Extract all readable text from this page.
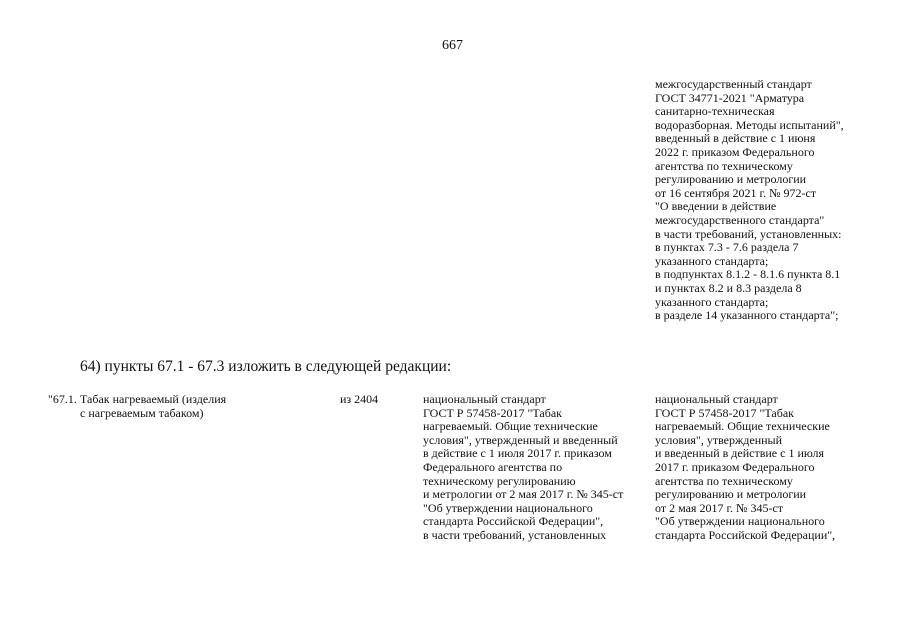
667
межгосударственный стандарт
ГОСТ 34771-2021 "Арматура
санитарно-техническая
водоразборная. Методы испытаний",
введенный в действие с 1 июня
2022 г. приказом Федерального
агентства по техническому
регулированию и метрологии
от 16 сентября 2021 г. № 972-ст
"О введении в действие
межгосударственного стандарта"
в части требований, установленных:
в пунктах 7.3 - 7.6 раздела 7
указанного стандарта;
в подпунктах 8.1.2 - 8.1.6 пункта 8.1
и пунктах 8.2 и 8.3 раздела 8
указанного стандарта;
в разделе 14 указанного стандарта";
64) пункты 67.1 - 67.3 изложить в следующей редакции:
"67.1. Табак нагреваемый (изделия
с нагреваемым табаком)
из 2404	национальный стандарт
ГОСТ Р 57458-2017 "Табак
нагреваемый. Общие технические
условия", утвержденный и введенный
в действие с 1 июля 2017 г. приказом
Федерального агентства по
техническому регулированию
и метрологии от 2 мая 2017 г. № 345-ст
"Об утверждении национального
стандарта Российской Федерации",
в части требований, установленных
национальный стандарт
ГОСТ Р 57458-2017 "Табак
нагреваемый. Общие технические
условия", утвержденный
и введенный в действие с 1 июля
2017 г. приказом Федерального
агентства по техническому
регулированию и метрологии
от 2 мая 2017 г. № 345-ст
"Об утверждении национального
стандарта Российской Федерации",
